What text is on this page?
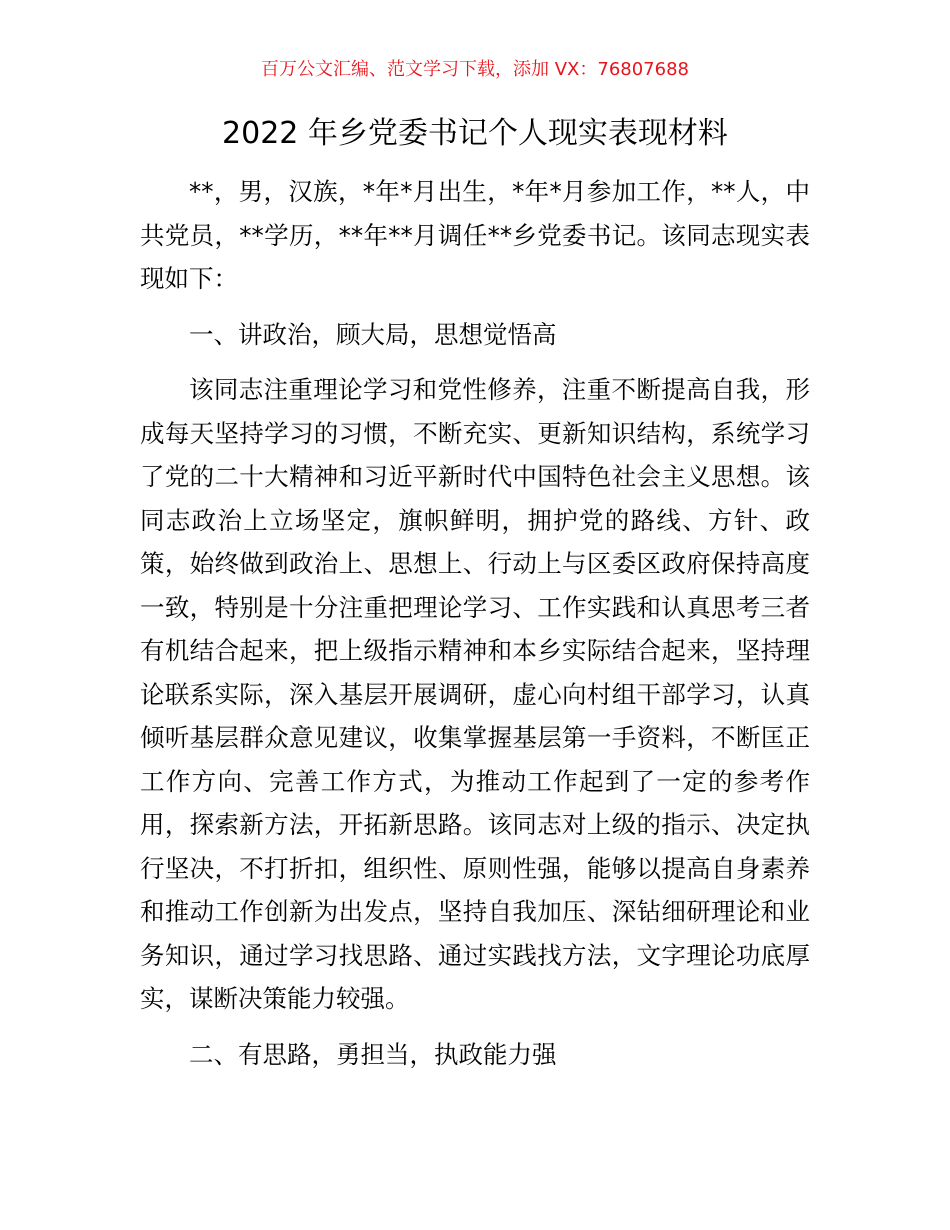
百万公文汇编、范文学习下载，添加 VX：76807688
2022 年乡党委书记个人现实表现材料

**，男，汉族，*年*月出生，*年*月参加工作，**人，中共党员，**学历，**年**月调任**乡党委书记。该同志现实表现如下：

一、讲政治，顾大局，思想觉悟高

该同志注重理论学习和党性修养，注重不断提高自我，形成每天坚持学习的习惯，不断充实、更新知识结构，系统学习了党的二十大精神和习近平新时代中国特色社会主义思想。该同志政治上立场坚定，旗帜鲜明，拥护党的路线、方针、政策，始终做到政治上、思想上、行动上与区委区政府保持高度一致，特别是十分注重把理论学习、工作实践和认真思考三者有机结合起来，把上级指示精神和本乡实际结合起来，坚持理论联系实际，深入基层开展调研，虚心向村组干部学习，认真倾听基层群众意见建议，收集掌握基层第一手资料，不断匡正工作方向、完善工作方式，为推动工作起到了一定的参考作用，探索新方法，开拓新思路。该同志对上级的指示、决定执行坚决，不打折扣，组织性、原则性强，能够以提高自身素养和推动工作创新为出发点，坚持自我加压、深钻细研理论和业务知识，通过学习找思路、通过实践找方法，文字理论功底厚实，谋断决策能力较强。

二、有思路，勇担当，执政能力强
